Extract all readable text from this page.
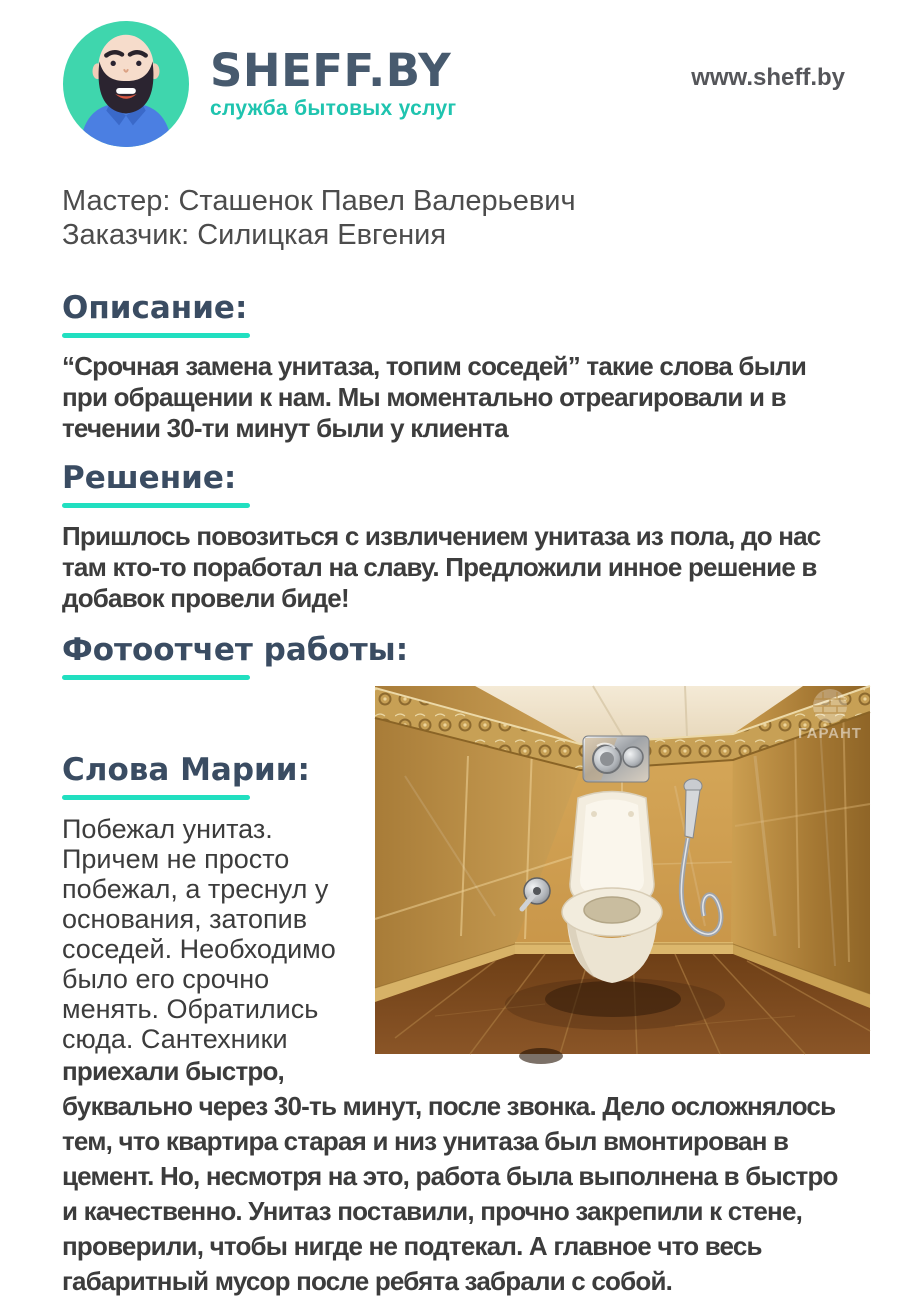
SHEFF.BY
служба бытовых услуг
www.sheff.by
Мастер: Сташенок Павел Валерьевич
Заказчик: Силицкая Евгения
Описание:

“Срочная замена унитаза, топим соседей” такие слова были при обращении к нам. Мы моментально отреагировали и в течении 30-ти минут были у клиента

Решение:

Пришлось повозиться с извличением унитаза из пола, до нас там кто-то поработал на славу. Предложили инное решение в добавок провели биде!

Фотоотчет работы:
ГАРАНТ
Слова Марии:

Побежал унитаз. Причем не просто побежал, а треснул у основания, затопив соседей. Необходимо было его срочно менять. Обратились сюда. Сантехники приехали быстро, буквально через 30-ть минут, после звонка. Дело осложнялось тем, что квартира старая и низ унитаза был вмонтирован в цемент. Но, несмотря на это, работа была выполнена в быстро и качественно. Унитаз поставили, прочно закрепили к стене, проверили, чтобы нигде не подтекал. А главное что весь габаритный мусор после ребята забрали с собой.
